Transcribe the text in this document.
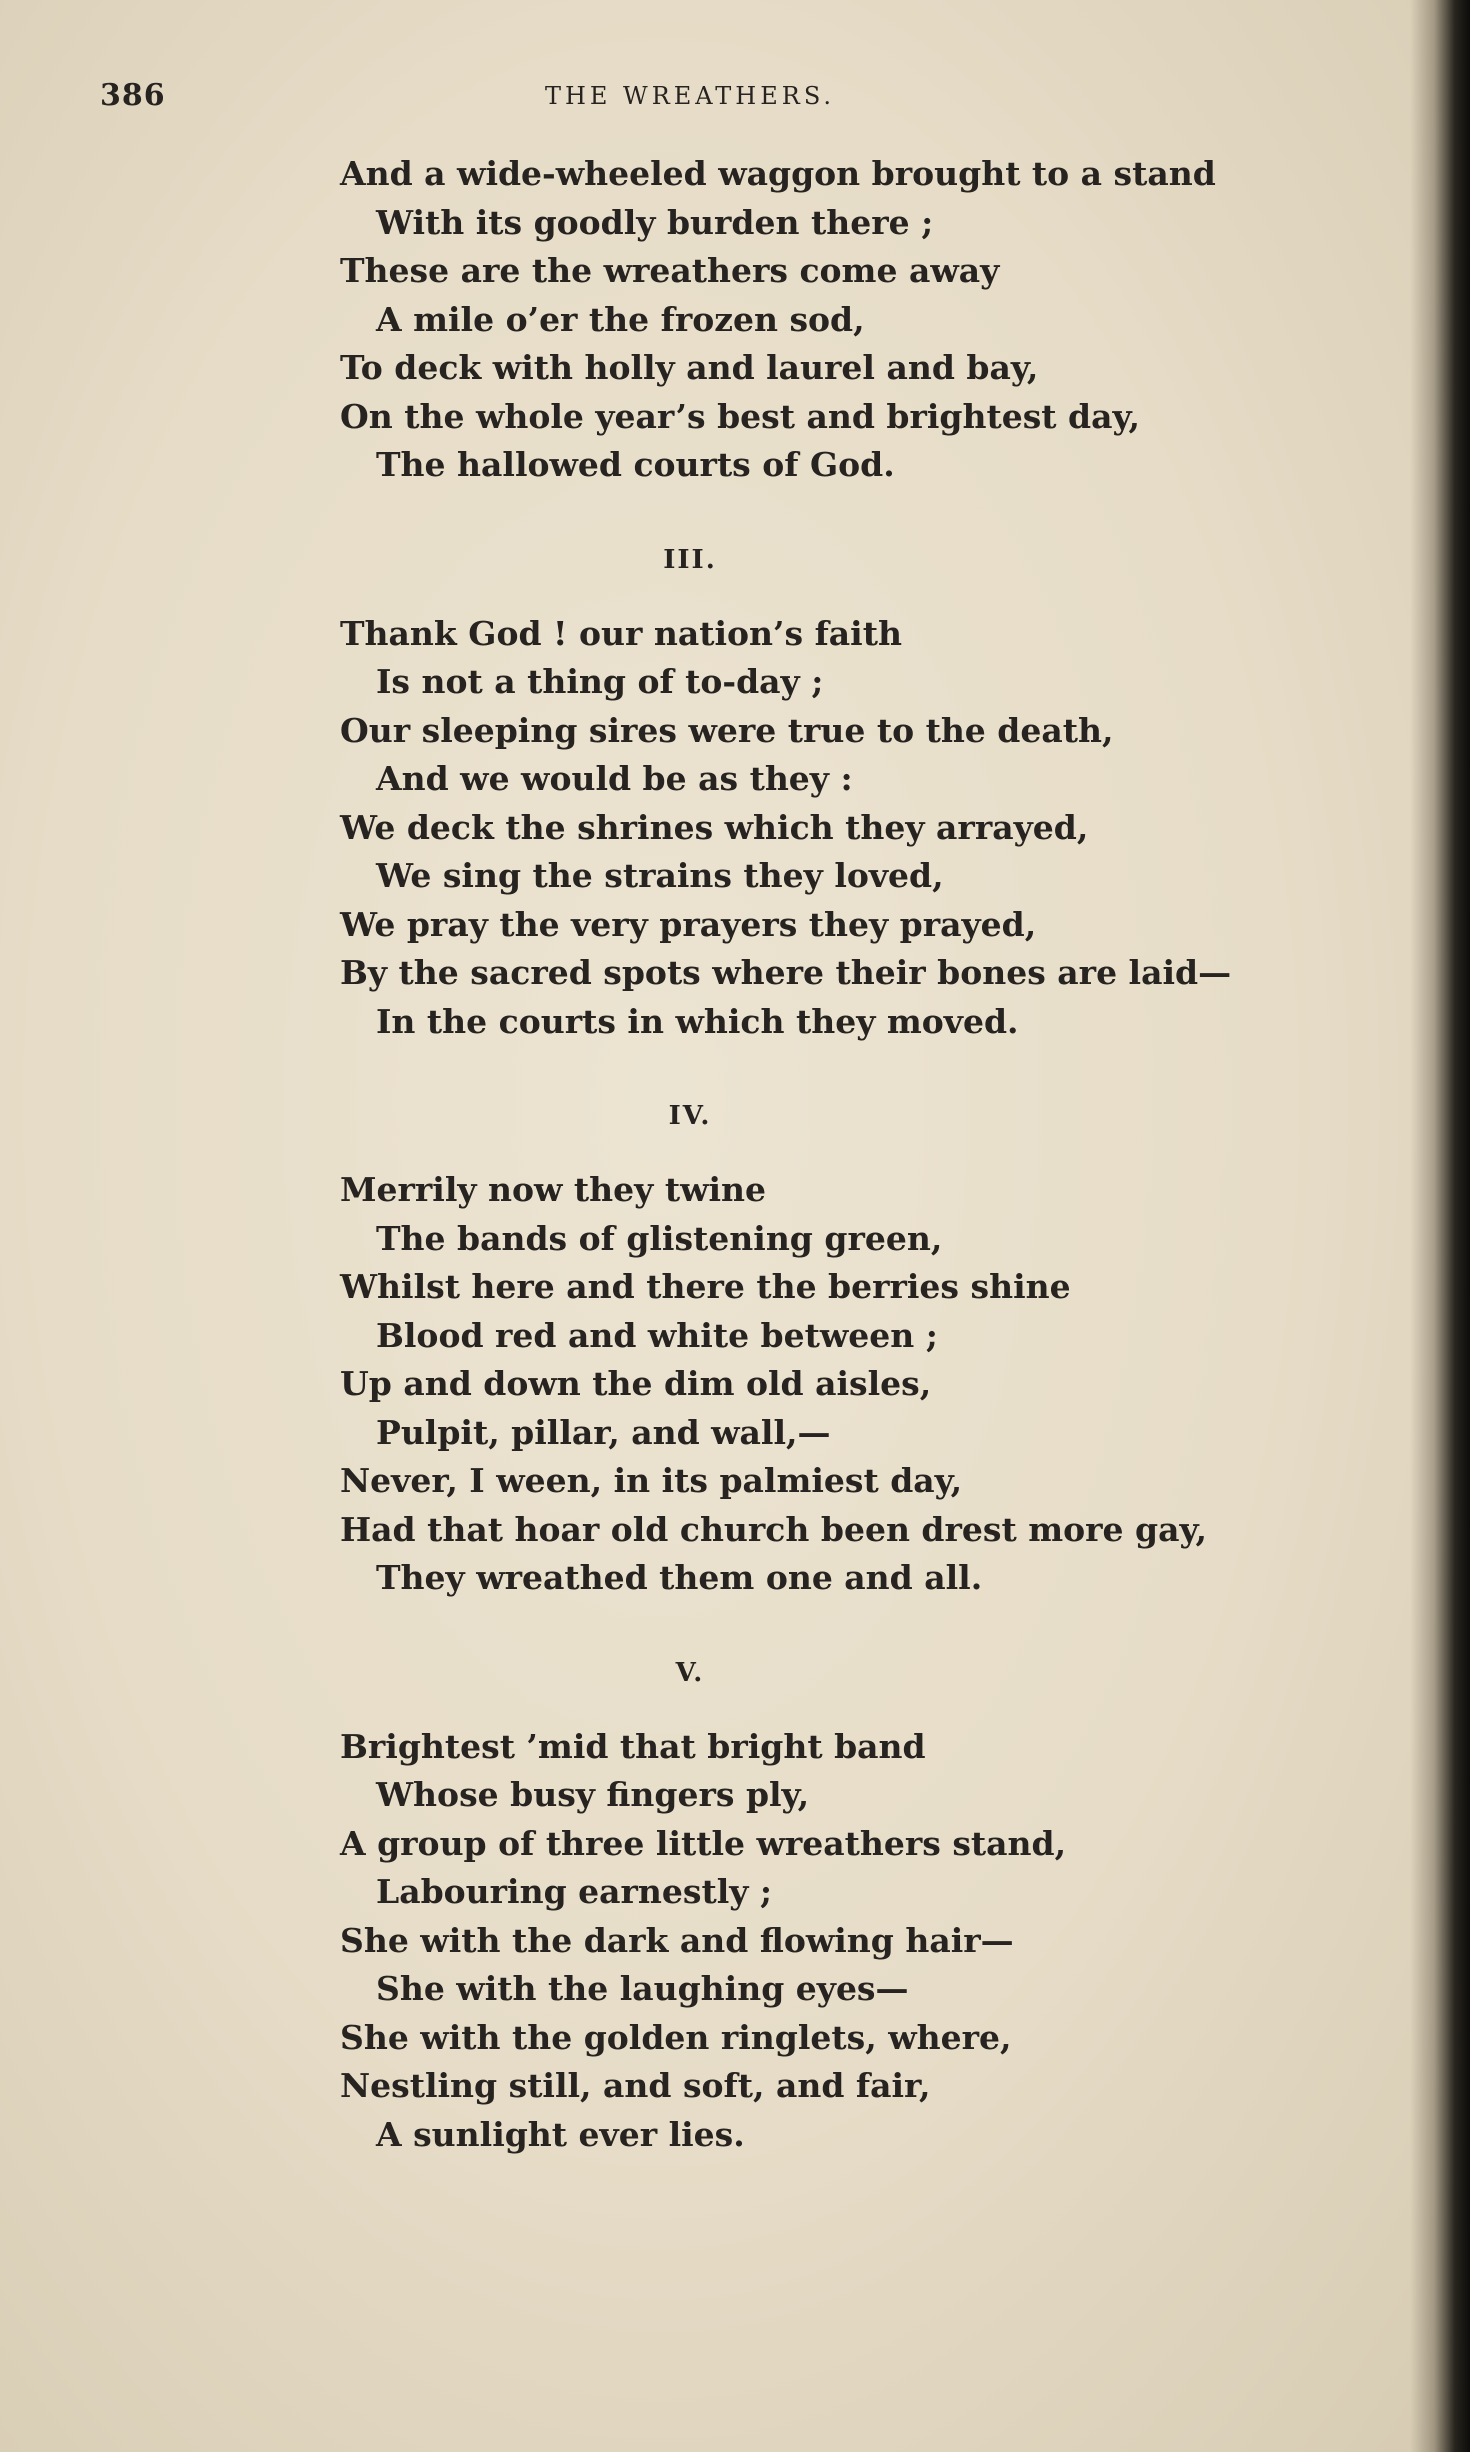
386	THE WREATHERS.
And a wide-wheeled waggon brought to a stand
With its goodly burden there ;
These are the wreathers come away
A mile o’er the frozen sod,
To deck with holly and laurel and bay,
On the whole year’s best and brightest day,
The hallowed courts of God.
III.
Thank God ! our nation’s faith
Is not a thing of to-day ;
Our sleeping sires were true to the death,
And we would be as they :
We deck the shrines which they arrayed,
We sing the strains they loved,
We pray the very prayers they prayed,
By the sacred spots where their bones are laid—
In the courts in which they moved.
IV.
Merrily now they twine
The bands of glistening green,
Whilst here and there the berries shine
Blood red and white between ;
Up and down the dim old aisles,
Pulpit, pillar, and wall,—
Never, I ween, in its palmiest day,
Had that hoar old church been drest more gay,
They wreathed them one and all.
V.
Brightest ’mid that bright band
Whose busy fingers ply,
A group of three little wreathers stand,
Labouring earnestly ;
She with the dark and flowing hair—
She with the laughing eyes—
She with the golden ringlets, where,
Nestling still, and soft, and fair,
A sunlight ever lies.
